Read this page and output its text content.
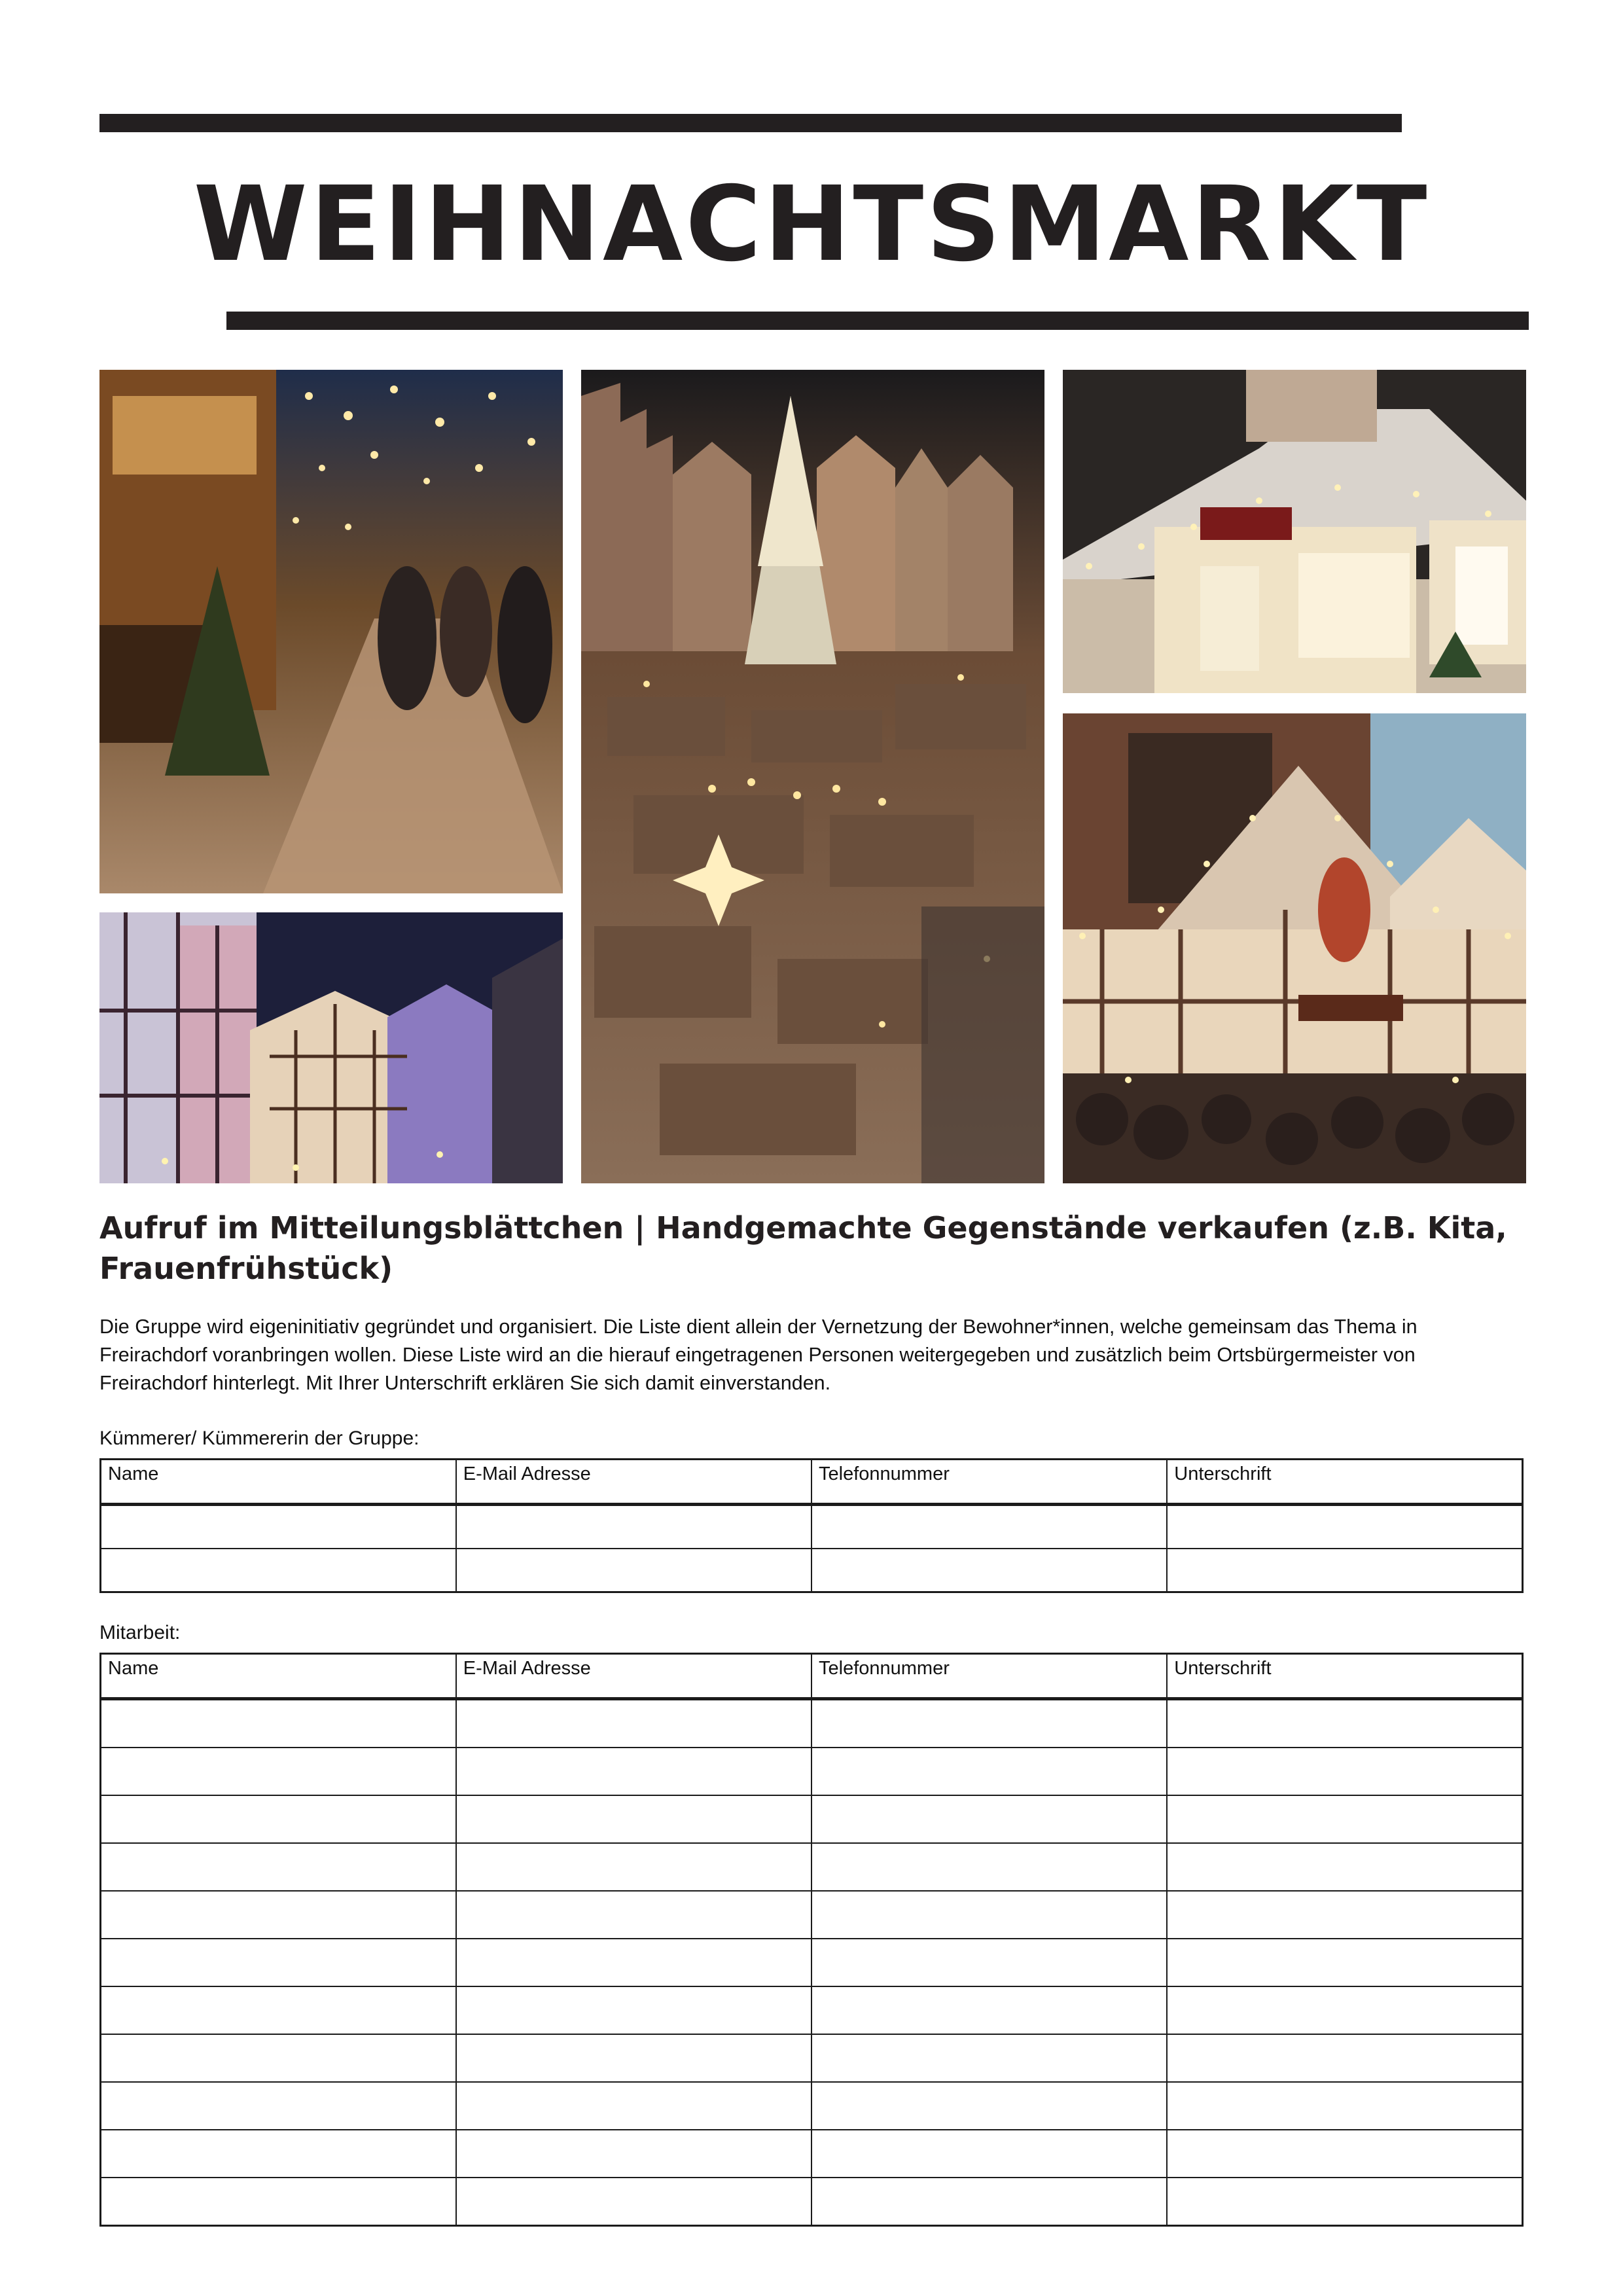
WEIHNACHTSMARKT
Aufruf im Mitteilungsblättchen | Handgemachte Gegenstände verkaufen (z.B. Kita, Frauenfrühstück)
Die Gruppe wird eigeninitiativ gegründet und organisiert. Die Liste dient allein der Vernetzung der Bewohner*innen, welche gemeinsam das Thema in Freirachdorf voranbringen wollen. Diese Liste wird an die hierauf eingetragenen Personen weitergegeben und zusätzlich beim Ortsbürgermeister von Freirachdorf hinterlegt. Mit Ihrer Unterschrift erklären Sie sich damit einverstanden.
Kümmerer/ Kümmererin der Gruppe:
Name	E-Mail Adresse	Telefonnummer	Unterschrift

Mitarbeit:
Name	E-Mail Adresse	Telefonnummer	Unterschrift
